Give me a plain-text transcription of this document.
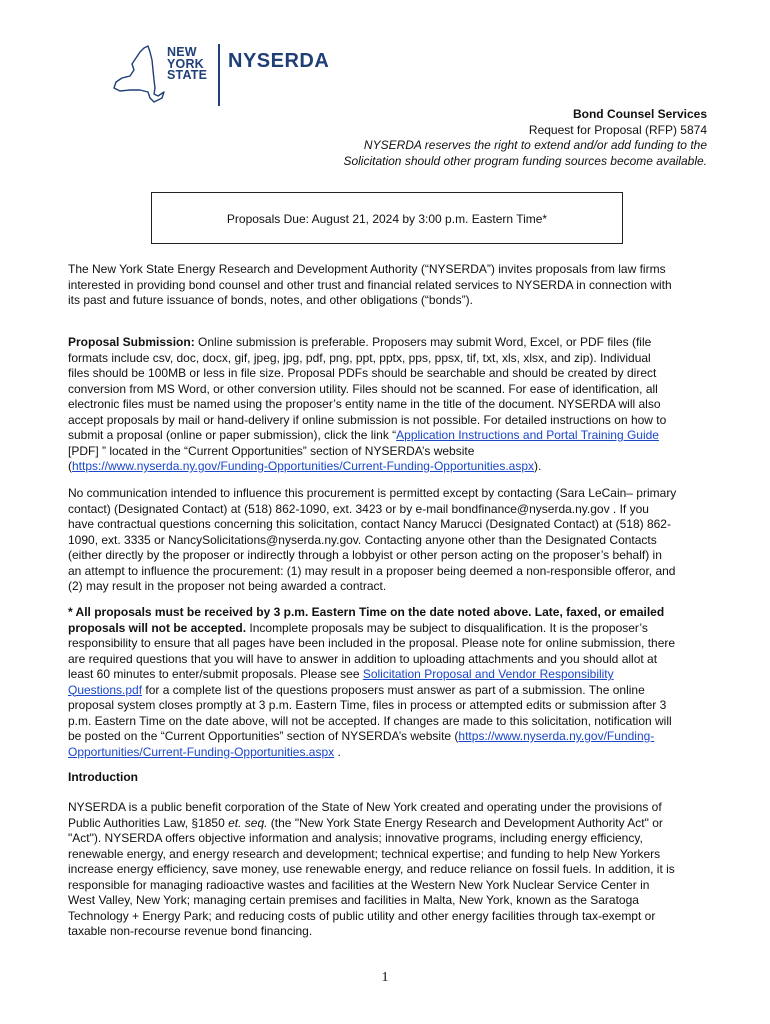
NEW
YORK
STATE
NYSERDA
Bond Counsel Services
Request for Proposal (RFP) 5874
NYSERDA reserves the right to extend and/or add funding to the
Solicitation should other program funding sources become available.
Proposals Due: August 21, 2024 by 3:00 p.m. Eastern Time*
The New York State Energy Research and Development Authority (“NYSERDA”) invites proposals from law firms
interested in providing bond counsel and other trust and financial related services to NYSERDA in connection with
its past and future issuance of bonds, notes, and other obligations (“bonds”).
Proposal Submission: Online submission is preferable. Proposers may submit Word, Excel, or PDF files (file
formats include csv, doc, docx, gif, jpeg, jpg, pdf, png, ppt, pptx, pps, ppsx, tif, txt, xls, xlsx, and zip). Individual
files should be 100MB or less in file size. Proposal PDFs should be searchable and should be created by direct
conversion from MS Word, or other conversion utility. Files should not be scanned. For ease of identification, all
electronic files must be named using the proposer’s entity name in the title of the document. NYSERDA will also
accept proposals by mail or hand-delivery if online submission is not possible. For detailed instructions on how to
submit a proposal (online or paper submission), click the link “Application Instructions and Portal Training Guide
[PDF] ” located in the “Current Opportunities” section of NYSERDA’s website
(https://www.nyserda.ny.gov/Funding-Opportunities/Current-Funding-Opportunities.aspx).
No communication intended to influence this procurement is permitted except by contacting (Sara LeCain– primary
contact) (Designated Contact) at (518) 862-1090, ext. 3423 or by e-mail bondfinance@nyserda.ny.gov . If you
have contractual questions concerning this solicitation, contact Nancy Marucci (Designated Contact) at (518) 862-
1090, ext. 3335 or NancySolicitations@nyserda.ny.gov. Contacting anyone other than the Designated Contacts
(either directly by the proposer or indirectly through a lobbyist or other person acting on the proposer’s behalf) in
an attempt to influence the procurement: (1) may result in a proposer being deemed a non-responsible offeror, and
(2) may result in the proposer not being awarded a contract.
* All proposals must be received by 3 p.m. Eastern Time on the date noted above. Late, faxed, or emailed
proposals will not be accepted. Incomplete proposals may be subject to disqualification. It is the proposer’s
responsibility to ensure that all pages have been included in the proposal. Please note for online submission, there
are required questions that you will have to answer in addition to uploading attachments and you should allot at
least 60 minutes to enter/submit proposals. Please see Solicitation Proposal and Vendor Responsibility
Questions.pdf for a complete list of the questions proposers must answer as part of a submission. The online
proposal system closes promptly at 3 p.m. Eastern Time, files in process or attempted edits or submission after 3
p.m. Eastern Time on the date above, will not be accepted. If changes are made to this solicitation, notification will
be posted on the “Current Opportunities” section of NYSERDA’s website (https://www.nyserda.ny.gov/Funding-
Opportunities/Current-Funding-Opportunities.aspx .
Introduction
NYSERDA is a public benefit corporation of the State of New York created and operating under the provisions of
Public Authorities Law, §1850 et. seq. (the "New York State Energy Research and Development Authority Act" or
"Act"). NYSERDA offers objective information and analysis; innovative programs, including energy efficiency,
renewable energy, and energy research and development; technical expertise; and funding to help New Yorkers
increase energy efficiency, save money, use renewable energy, and reduce reliance on fossil fuels. In addition, it is
responsible for managing radioactive wastes and facilities at the Western New York Nuclear Service Center in
West Valley, New York; managing certain premises and facilities in Malta, New York, known as the Saratoga
Technology + Energy Park; and reducing costs of public utility and other energy facilities through tax-exempt or
taxable non-recourse revenue bond financing.
1
